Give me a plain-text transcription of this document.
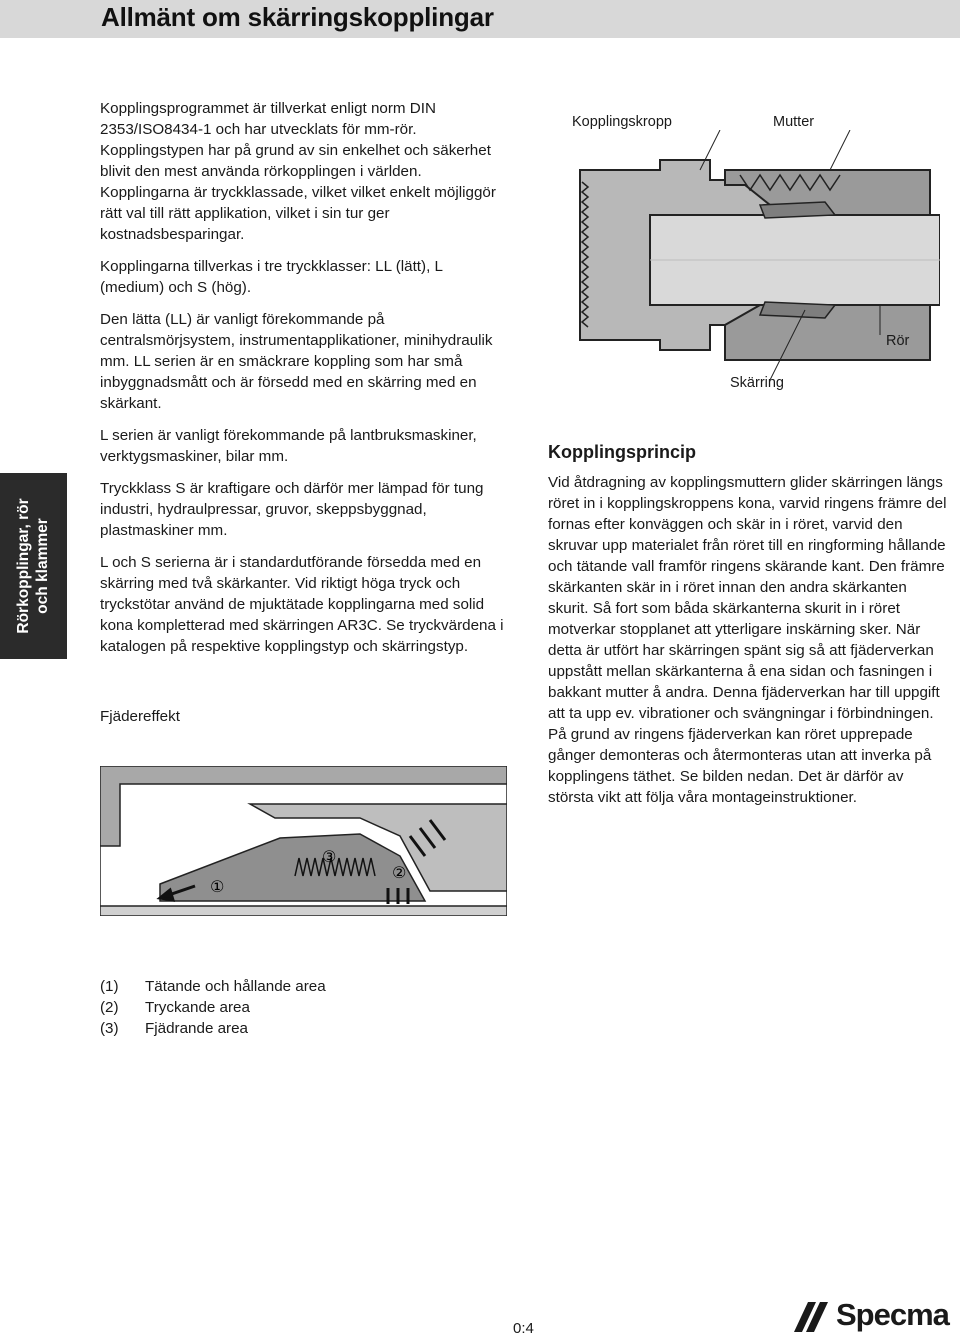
Allmänt om skärringskopplingar
Rörkopplingar, rör och klammer

Kopplingsprogrammet är tillverkat enligt norm DIN 2353/ISO8434-1 och har utvecklats för mm-rör. Kopplingstypen har på grund av sin enkelhet och säkerhet blivit den mest använda rörkopplingen i världen. Kopplingarna är tryckklassade, vilket vilket enkelt möjliggör rätt val till rätt applikation, vilket i sin tur ger kostnadsbesparingar.

Kopplingarna tillverkas i tre tryckklasser: LL (lätt), L (medium) och S (hög).

Den lätta (LL) är vanligt förekommande på centralsmörjsystem, instrumentapplikationer, minihydraulik mm. LL serien är en smäckrare koppling som har små inbyggnadsmått och är försedd med en skärring med en skärkant.

L serien är vanligt förekommande på lantbruksmaskiner, verktygsmaskiner, bilar mm.

Tryckklass S är kraftigare och därför mer lämpad för tung industri, hydraulpressar, gruvor, skeppsbyggnad, plastmaskiner mm.

L och S serierna är i standardutförande försedda med en skärring med två skärkanter. Vid riktigt höga tryck och tryckstötar använd de mjuktätade kopplingarna med solid kona kompletterad med skärringen AR3C. Se tryckvärdena i katalogen på respektive kopplingstyp och skärringstyp.

Kopplingskropp	Mutter
Rör
Skärring
Kopplingsprincip

Vid åtdragning av kopplingsmuttern glider skärringen längs röret in i kopplingskroppens kona, varvid ringens främre del fornas efter konväggen och skär in i röret, varvid den skruvar upp materialet från röret till en ringforming hållande och tätande vall framför ringens skärande kant. Den främre skärkanten skär in i röret innan den andra skärkanten skurit. Så fort som båda skärkanterna skurit in i röret motverkar stopplanet att ytterligare inskärning sker. När detta är utfört har skärringen spänt sig så att fjäderverkan uppstått mellan skärkanterna å ena sidan och fasningen i bakkant mutter å andra. Denna fjäderverkan har till uppgift att ta upp ev. vibrationer och svängningar i förbindningen. På grund av ringens fjäderverkan kan röret upprepade gånger demonteras och återmonteras utan att inverka på kopplingens täthet. Se bilden nedan. Det är därför av största vikt att följa våra montageinstruktioner.

Fjädereffekt
①
②
③
(1)	Tätande och hållande area
(2)	Tryckande area
(3)	Fjädrande area
0:4	Specma
